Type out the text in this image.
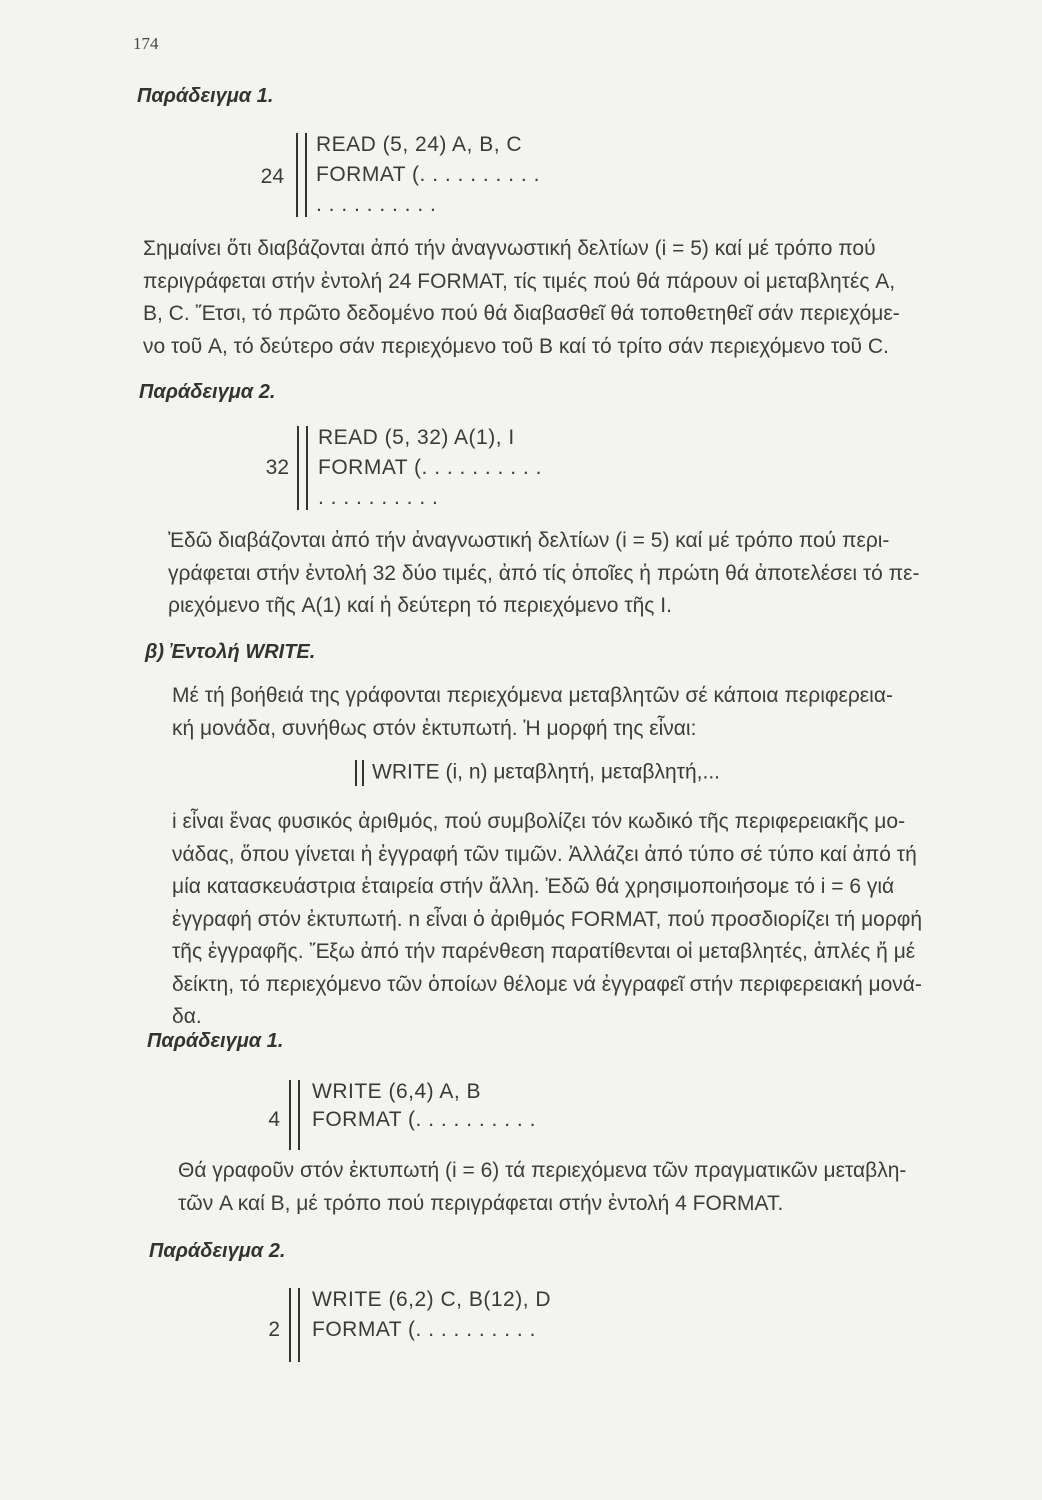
174
Παράδειγμα 1.
24
READ (5, 24) A, B, C
FORMAT (. . . . . . . . . .
. . . . . . . . . .
Σημαίνει ὅτι διαβάζονται ἀπό τήν ἀναγνωστική δελτίων (i = 5) καί μέ τρόπο πού
περιγράφεται στήν ἐντολή 24 FORMAT, τίς τιμές πού θά πάρουν οἱ μεταβλητές A,
B, C. Ἔτσι, τό πρῶτο δεδομένο πού θά διαβασθεῖ θά τοποθετηθεῖ σάν περιεχόμε-
νο τοῦ A, τό δεύτερο σάν περιεχόμενο τοῦ B καί τό τρίτο σάν περιεχόμενο τοῦ C.
Παράδειγμα 2.
32
READ (5, 32) A(1), I
FORMAT (. . . . . . . . . .
. . . . . . . . . .
Ἐδῶ διαβάζονται ἀπό τήν ἀναγνωστική δελτίων (i = 5) καί μέ τρόπο πού περι-
γράφεται στήν ἐντολή 32 δύο τιμές, ἀπό τίς ὁποῖες ἡ πρώτη θά ἀποτελέσει τό πε-
ριεχόμενο τῆς A(1) καί ἡ δεύτερη τό περιεχόμενο τῆς I.
β) Ἐντολή WRITE.
Μέ τή βοήθειά της γράφονται περιεχόμενα μεταβλητῶν σέ κάποια περιφερεια-
κή μονάδα, συνήθως στόν ἐκτυπωτή. Ἡ μορφή της εἶναι:
WRITE (i, n) μεταβλητή, μεταβλητή,...
i εἶναι ἕνας φυσικός ἀριθμός, πού συμβολίζει τόν κωδικό τῆς περιφερειακῆς μο-
νάδας, ὅπου γίνεται ἡ ἐγγραφή τῶν τιμῶν. Ἀλλάζει ἀπό τύπο σέ τύπο καί ἀπό τή
μία κατασκευάστρια ἑταιρεία στήν ἄλλη. Ἐδῶ θά χρησιμοποιήσομε τό i = 6 γιά
ἐγγραφή στόν ἐκτυπωτή. n εἶναι ὁ ἀριθμός FORMAT, πού προσδιορίζει τή μορφή
τῆς ἐγγραφῆς. Ἔξω ἀπό τήν παρένθεση παρατίθενται οἱ μεταβλητές, ἁπλές ἤ μέ
δείκτη, τό περιεχόμενο τῶν ὁποίων θέλομε νά ἐγγραφεῖ στήν περιφερειακή μονά-
δα.
Παράδειγμα 1.
4
WRITE (6,4) A, B
FORMAT (. . . . . . . . . .
Θά γραφοῦν στόν ἐκτυπωτή (i = 6) τά περιεχόμενα τῶν πραγματικῶν μεταβλη-
τῶν A καί B, μέ τρόπο πού περιγράφεται στήν ἐντολή 4 FORMAT.
Παράδειγμα 2.
2
WRITE (6,2) C, B(12), D
FORMAT (. . . . . . . . . .
